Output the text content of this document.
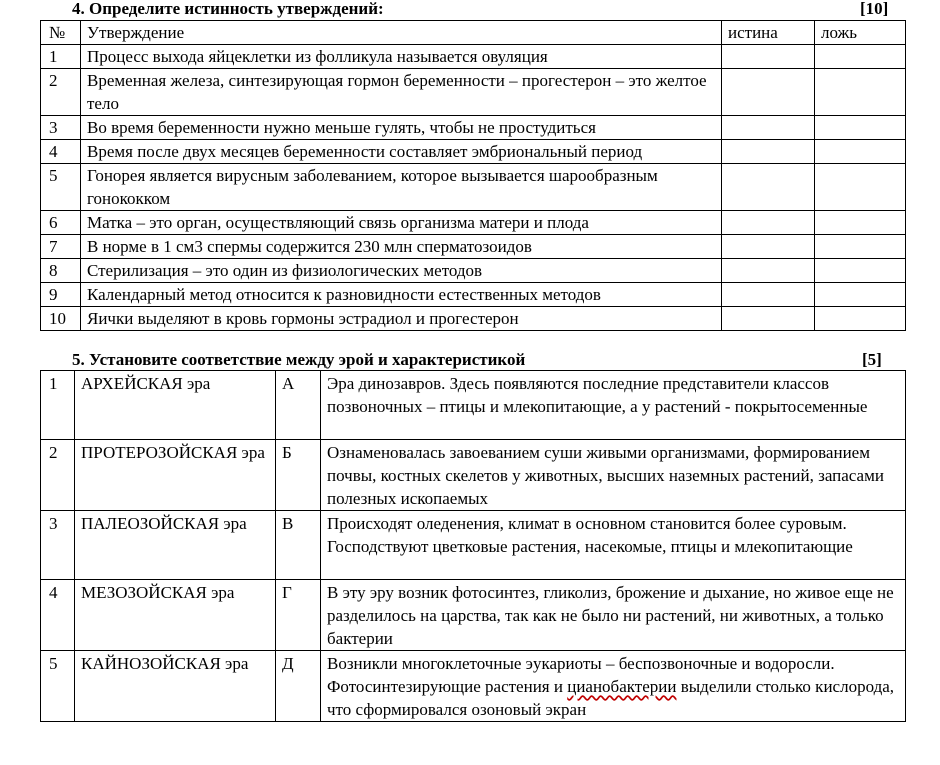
4. Определите истинность утверждений:	[10]
№	Утверждение	истина	ложь
1	Процесс выхода яйцеклетки из фолликула называется овуляция		
2	Временная железа, синтезирующая гормон беременности – прогестерон – это желтое тело		
3	Во время беременности нужно меньше гулять, чтобы не простудиться		
4	Время после двух месяцев беременности составляет эмбриональный период		
5	Гонорея является вирусным заболеванием, которое вызывается шарообразным гонококком		
6	Матка – это орган, осуществляющий связь организма матери и плода		
7	В норме в 1 см3 спермы содержится 230 млн сперматозоидов		
8	Стерилизация – это один из физиологических методов		
9	Календарный метод относится к разновидности естественных методов		
10	Яички выделяют в кровь гормоны эстрадиол и прогестерон		
5. Установите соответствие между эрой и характеристикой	[5]
1	АРХЕЙСКАЯ эра	А	Эра динозавров. Здесь появляются последние представители классов позвоночных – птицы и млекопитающие, а у растений - покрытосеменные
2	ПРОТЕРОЗОЙСКАЯ эра	Б	Ознаменовалась завоеванием суши живыми организмами, формированием почвы, костных скелетов у животных, высших наземных растений, запасами полезных ископаемых
3	ПАЛЕОЗОЙСКАЯ эра	В	Происходят оледенения, климат в основном становится более суровым. Господствуют цветковые растения, насекомые, птицы и млекопитающие
4	МЕЗОЗОЙСКАЯ эра	Г	В эту эру возник фотосинтез, гликолиз, брожение и дыхание, но живое еще не разделилось на царства, так как не было ни растений, ни животных, а только бактерии
5	КАЙНОЗОЙСКАЯ эра	Д	Возникли многоклеточные эукариоты – беспозвоночные и водоросли. Фотосинтезирующие растения и цианобактерии выделили столько кислорода, что сформировался озоновый экран
